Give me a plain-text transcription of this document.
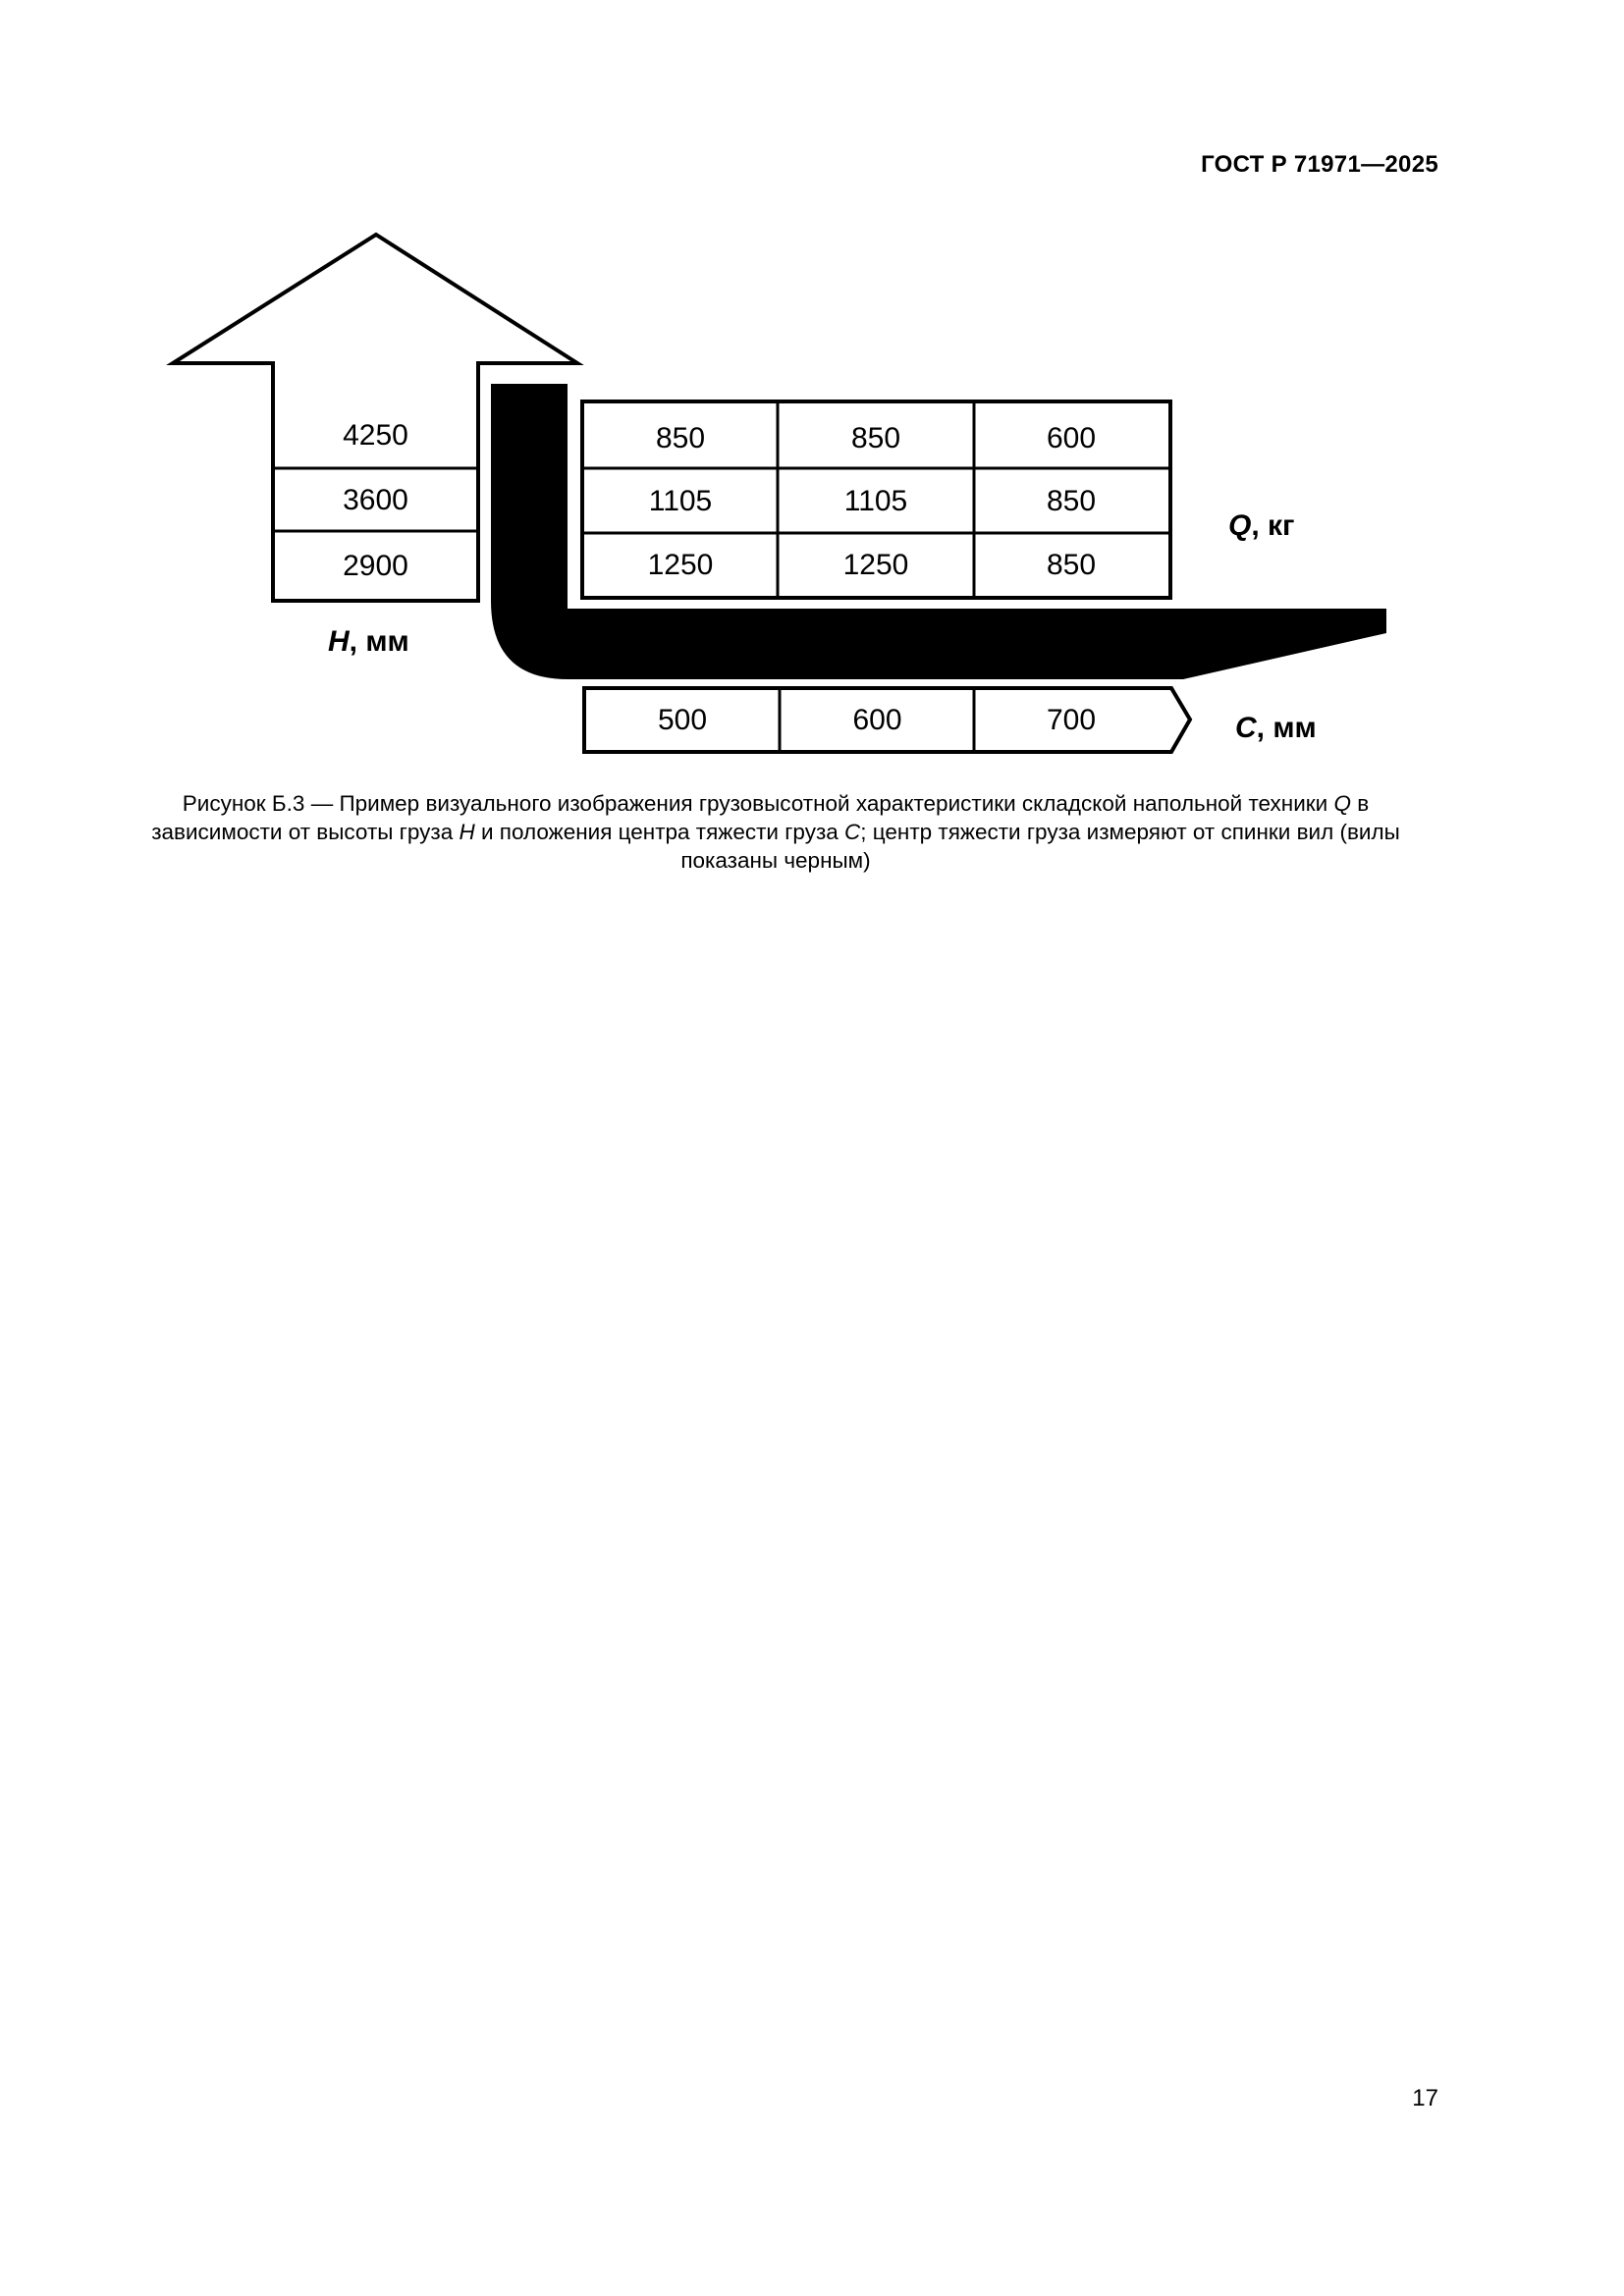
ГОСТ Р 71971—2025
4250
3600
2900
850	850	600
1105	1105	850
1250	1250	850
500	600	700
H, мм
Q, кг
C, мм
Рисунок Б.3 — Пример визуального изображения грузовысотной характеристики складской напольной техники Q в зависимости от высоты груза H и положения центра тяжести груза C; центр тяжести груза измеряют от спинки вил (вилы показаны черным)
17
